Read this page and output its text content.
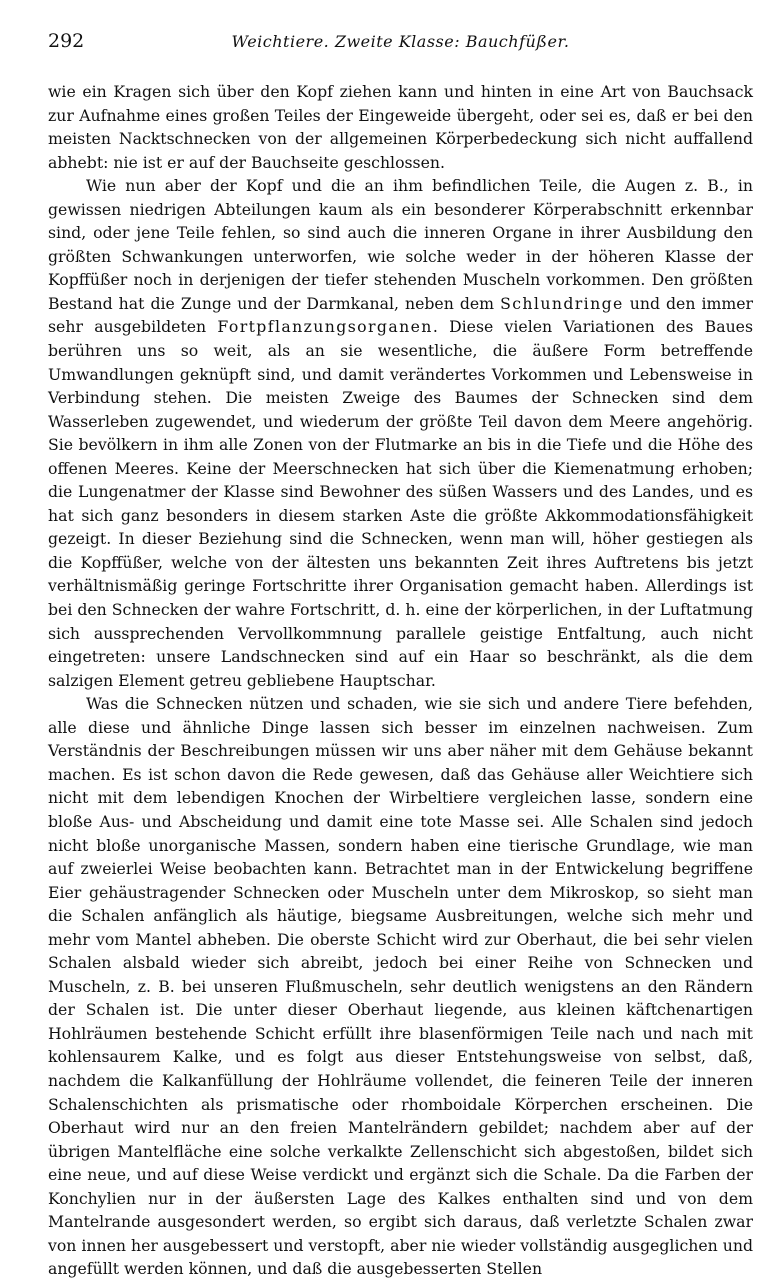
292	Weichtiere. Zweite Klasse: Bauchfüßer.

wie ein Kragen sich über den Kopf ziehen kann und hinten in eine Art von Bauchsack zur Aufnahme eines großen Teiles der Eingeweide übergeht, oder sei es, daß er bei den meisten Nacktschnecken von der allgemeinen Körperbedeckung sich nicht auffallend abhebt: nie ist er auf der Bauchseite geschlossen.

Wie nun aber der Kopf und die an ihm befindlichen Teile, die Augen z. B., in gewissen niedrigen Abteilungen kaum als ein besonderer Körperabschnitt erkennbar sind, oder jene Teile fehlen, so sind auch die inneren Organe in ihrer Ausbildung den größten Schwankungen unterworfen, wie solche weder in der höheren Klasse der Kopffüßer noch in derjenigen der tiefer stehenden Muscheln vorkommen. Den größten Bestand hat die Zunge und der Darmkanal, neben dem Schlundringe und den immer sehr ausgebildeten Fortpflanzungsorganen. Diese vielen Variationen des Baues berühren uns so weit, als an sie wesentliche, die äußere Form betreffende Umwandlungen geknüpft sind, und damit verändertes Vorkommen und Lebensweise in Verbindung stehen. Die meisten Zweige des Baumes der Schnecken sind dem Wasserleben zugewendet, und wiederum der größte Teil davon dem Meere angehörig. Sie bevölkern in ihm alle Zonen von der Flutmarke an bis in die Tiefe und die Höhe des offenen Meeres. Keine der Meerschnecken hat sich über die Kiemenatmung erhoben; die Lungenatmer der Klasse sind Bewohner des süßen Wassers und des Landes, und es hat sich ganz besonders in diesem starken Aste die größte Akkommodationsfähigkeit gezeigt. In dieser Beziehung sind die Schnecken, wenn man will, höher gestiegen als die Kopffüßer, welche von der ältesten uns bekannten Zeit ihres Auftretens bis jetzt verhältnismäßig geringe Fortschritte ihrer Organisation gemacht haben. Allerdings ist bei den Schnecken der wahre Fortschritt, d. h. eine der körperlichen, in der Luftatmung sich aussprechenden Vervollkommnung parallele geistige Entfaltung, auch nicht eingetreten: unsere Landschnecken sind auf ein Haar so beschränkt, als die dem salzigen Element getreu gebliebene Hauptschar.

Was die Schnecken nützen und schaden, wie sie sich und andere Tiere befehden, alle diese und ähnliche Dinge lassen sich besser im einzelnen nachweisen. Zum Verständnis der Beschreibungen müssen wir uns aber näher mit dem Gehäuse bekannt machen. Es ist schon davon die Rede gewesen, daß das Gehäuse aller Weichtiere sich nicht mit dem lebendigen Knochen der Wirbeltiere vergleichen lasse, sondern eine bloße Aus- und Abscheidung und damit eine tote Masse sei. Alle Schalen sind jedoch nicht bloße unorganische Massen, sondern haben eine tierische Grundlage, wie man auf zweierlei Weise beobachten kann. Betrachtet man in der Entwickelung begriffene Eier gehäustragender Schnecken oder Muscheln unter dem Mikroskop, so sieht man die Schalen anfänglich als häutige, biegsame Ausbreitungen, welche sich mehr und mehr vom Mantel abheben. Die oberste Schicht wird zur Oberhaut, die bei sehr vielen Schalen alsbald wieder sich abreibt, jedoch bei einer Reihe von Schnecken und Muscheln, z. B. bei unseren Flußmuscheln, sehr deutlich wenigstens an den Rändern der Schalen ist. Die unter dieser Oberhaut liegende, aus kleinen käftchenartigen Hohlräumen bestehende Schicht erfüllt ihre blasenförmigen Teile nach und nach mit kohlensaurem Kalke, und es folgt aus dieser Entstehungsweise von selbst, daß, nachdem die Kalkanfüllung der Hohlräume vollendet, die feineren Teile der inneren Schalenschichten als prismatische oder rhomboidale Körperchen erscheinen. Die Oberhaut wird nur an den freien Mantelrändern gebildet; nachdem aber auf der übrigen Mantelfläche eine solche verkalkte Zellenschicht sich abgestoßen, bildet sich eine neue, und auf diese Weise verdickt und ergänzt sich die Schale. Da die Farben der Konchylien nur in der äußersten Lage des Kalkes enthalten sind und von dem Mantelrande ausgesondert werden, so ergibt sich daraus, daß verletzte Schalen zwar von innen her ausgebessert und verstopft, aber nie wieder vollständig ausgeglichen und angefüllt werden können, und daß die ausgebesserten Stellen
